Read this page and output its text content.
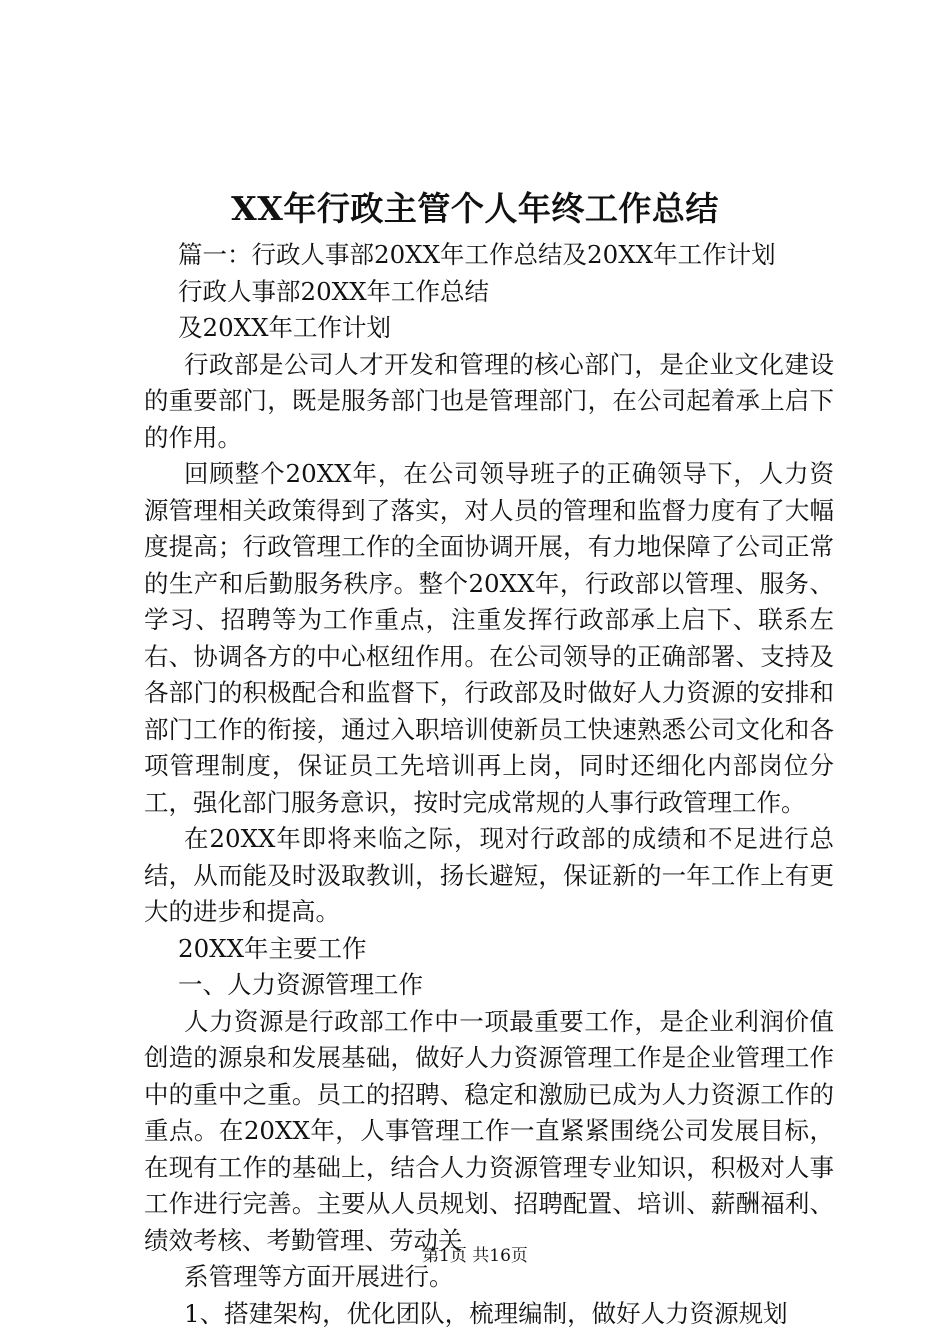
XX年行政主管个人年终工作总结

篇一：行政人事部20XX年工作总结及20XX年工作计划

行政人事部20XX年工作总结

及20XX年工作计划

行政部是公司人才开发和管理的核心部门，是企业文化建设的重要部门，既是服务部门也是管理部门，在公司起着承上启下的作用。

回顾整个20XX年，在公司领导班子的正确领导下，人力资源管理相关政策得到了落实，对人员的管理和监督力度有了大幅度提高；行政管理工作的全面协调开展，有力地保障了公司正常的生产和后勤服务秩序。整个20XX年，行政部以管理、服务、学习、招聘等为工作重点，注重发挥行政部承上启下、联系左右、协调各方的中心枢纽作用。在公司领导的正确部署、支持及各部门的积极配合和监督下，行政部及时做好人力资源的安排和部门工作的衔接，通过入职培训使新员工快速熟悉公司文化和各项管理制度，保证员工先培训再上岗，同时还细化内部岗位分工，强化部门服务意识，按时完成常规的人事行政管理工作。

在20XX年即将来临之际，现对行政部的成绩和不足进行总结，从而能及时汲取教训，扬长避短，保证新的一年工作上有更大的进步和提高。

20XX年主要工作

一、人力资源管理工作

人力资源是行政部工作中一项最重要工作，是企业利润价值创造的源泉和发展基础，做好人力资源管理工作是企业管理工作中的重中之重。员工的招聘、稳定和激励已成为人力资源工作的重点。在20XX年，人事管理工作一直紧紧围绕公司发展目标，在现有工作的基础上，结合人力资源管理专业知识，积极对人事工作进行完善。主要从人员规划、招聘配置、培训、薪酬福利、绩效考核、考勤管理、劳动关

系管理等方面开展进行。

1、搭建架构，优化团队，梳理编制，做好人力资源规划

第1页 共16页
